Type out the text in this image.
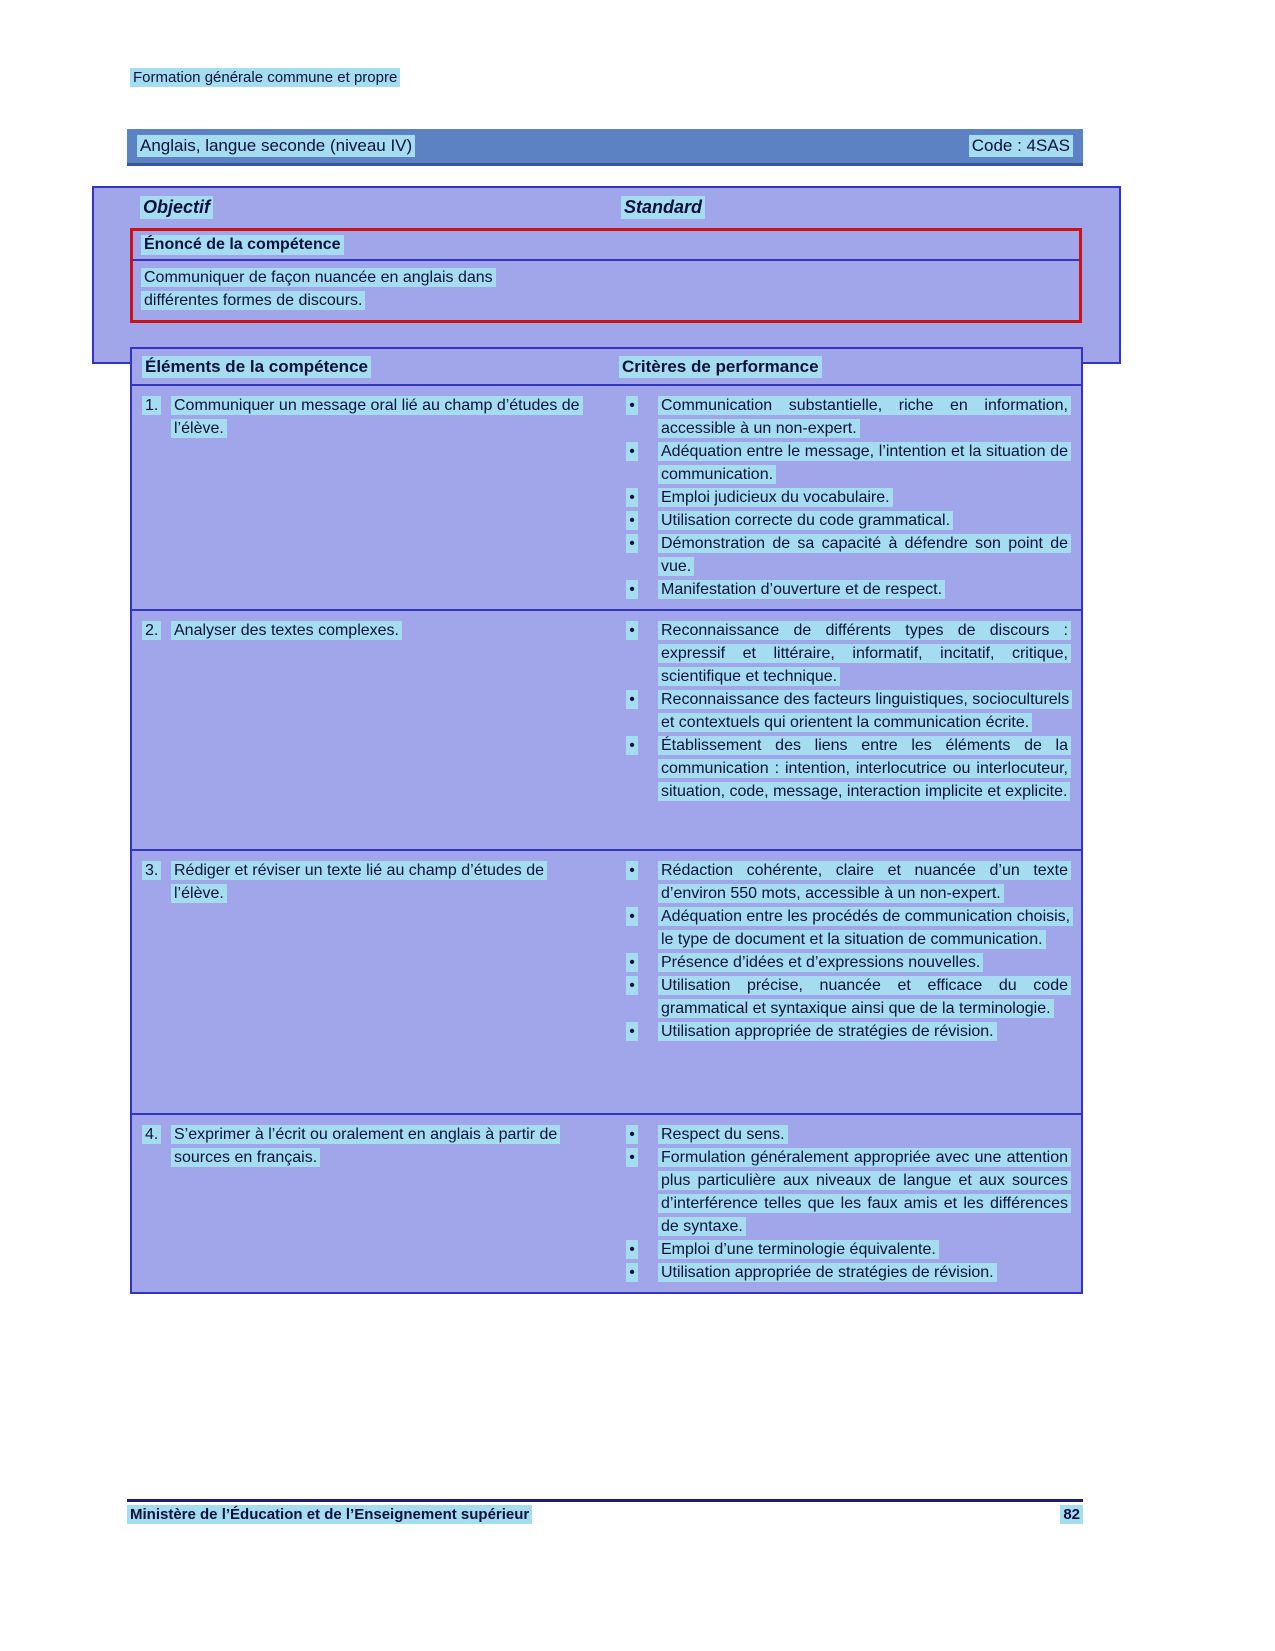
Formation générale commune et propre
Anglais, langue seconde (niveau IV)	Code : 4SAS
Objectif	Standard
Énoncé de la compétence
Communiquer de façon nuancée en anglais dans
différentes formes de discours.
Éléments de la compétence	Critères de performance
1. Communiquer un message oral lié au champ d’études de l’élève.
•	Communication substantielle, riche en information, accessible à un non-expert.
•	Adéquation entre le message, l’intention et la situation de communication.
•	Emploi judicieux du vocabulaire.
•	Utilisation correcte du code grammatical.
•	Démonstration de sa capacité à défendre son point de vue.
•	Manifestation d’ouverture et de respect.
2. Analyser des textes complexes.	•	Reconnaissance de différents types de discours : expressif et littéraire, informatif, incitatif, critique, scientifique et technique.
•	Reconnaissance des facteurs linguistiques, socioculturels et contextuels qui orientent la communication écrite.
•	Établissement des liens entre les éléments de la communication : intention, interlocutrice ou interlocuteur, situation, code, message, interaction implicite et explicite.
3. Rédiger et réviser un texte lié au champ d’études de l’élève.
•	Rédaction cohérente, claire et nuancée d’un texte d’environ 550 mots, accessible à un non-expert.
•	Adéquation entre les procédés de communication choisis, le type de document et la situation de communication.
•	Présence d’idées et d’expressions nouvelles.
•	Utilisation précise, nuancée et efficace du code grammatical et syntaxique ainsi que de la terminologie.
•	Utilisation appropriée de stratégies de révision.
4. S’exprimer à l’écrit ou oralement en anglais à partir de sources en français.
•	Respect du sens.
•	Formulation généralement appropriée avec une attention plus particulière aux niveaux de langue et aux sources d’interférence telles que les faux amis et les différences de syntaxe.
•	Emploi d’une terminologie équivalente.
•	Utilisation appropriée de stratégies de révision.
Ministère de l’Éducation et de l’Enseignement supérieur	82
